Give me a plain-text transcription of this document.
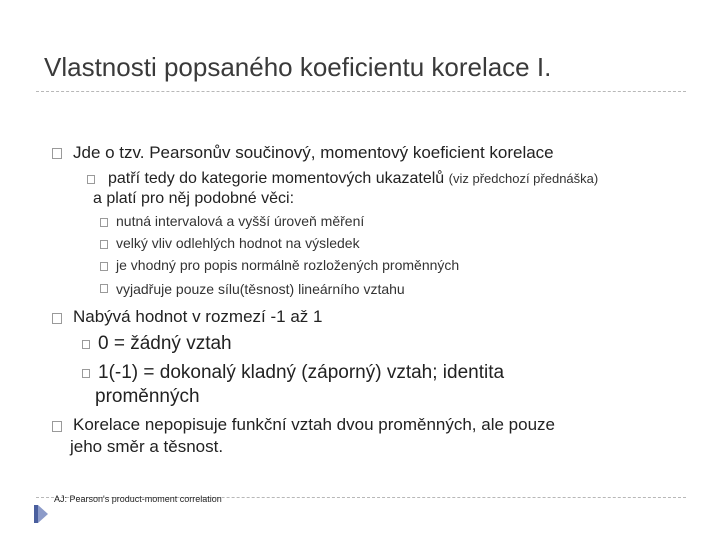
Vlastnosti popsaného koeficientu korelace I.
Jde o tzv. Pearsonův součinový, momentový koeficient korelace
patří tedy do kategorie momentových ukazatelů (viz předchozí přednáška)
a platí pro něj podobné věci:
nutná intervalová a vyšší úroveň měření
velký vliv odlehlých hodnot na výsledek
je vhodný pro popis normálně rozložených proměnných
vyjadřuje pouze sílu(těsnost) lineárního vztahu
Nabývá hodnot v rozmezí -1 až 1
0 = žádný vztah
1(-1) = dokonalý kladný (záporný) vztah; identita
proměnných
Korelace nepopisuje funkční vztah dvou proměnných, ale pouze
jeho směr a těsnost.
AJ: Pearson's product-moment correlation
